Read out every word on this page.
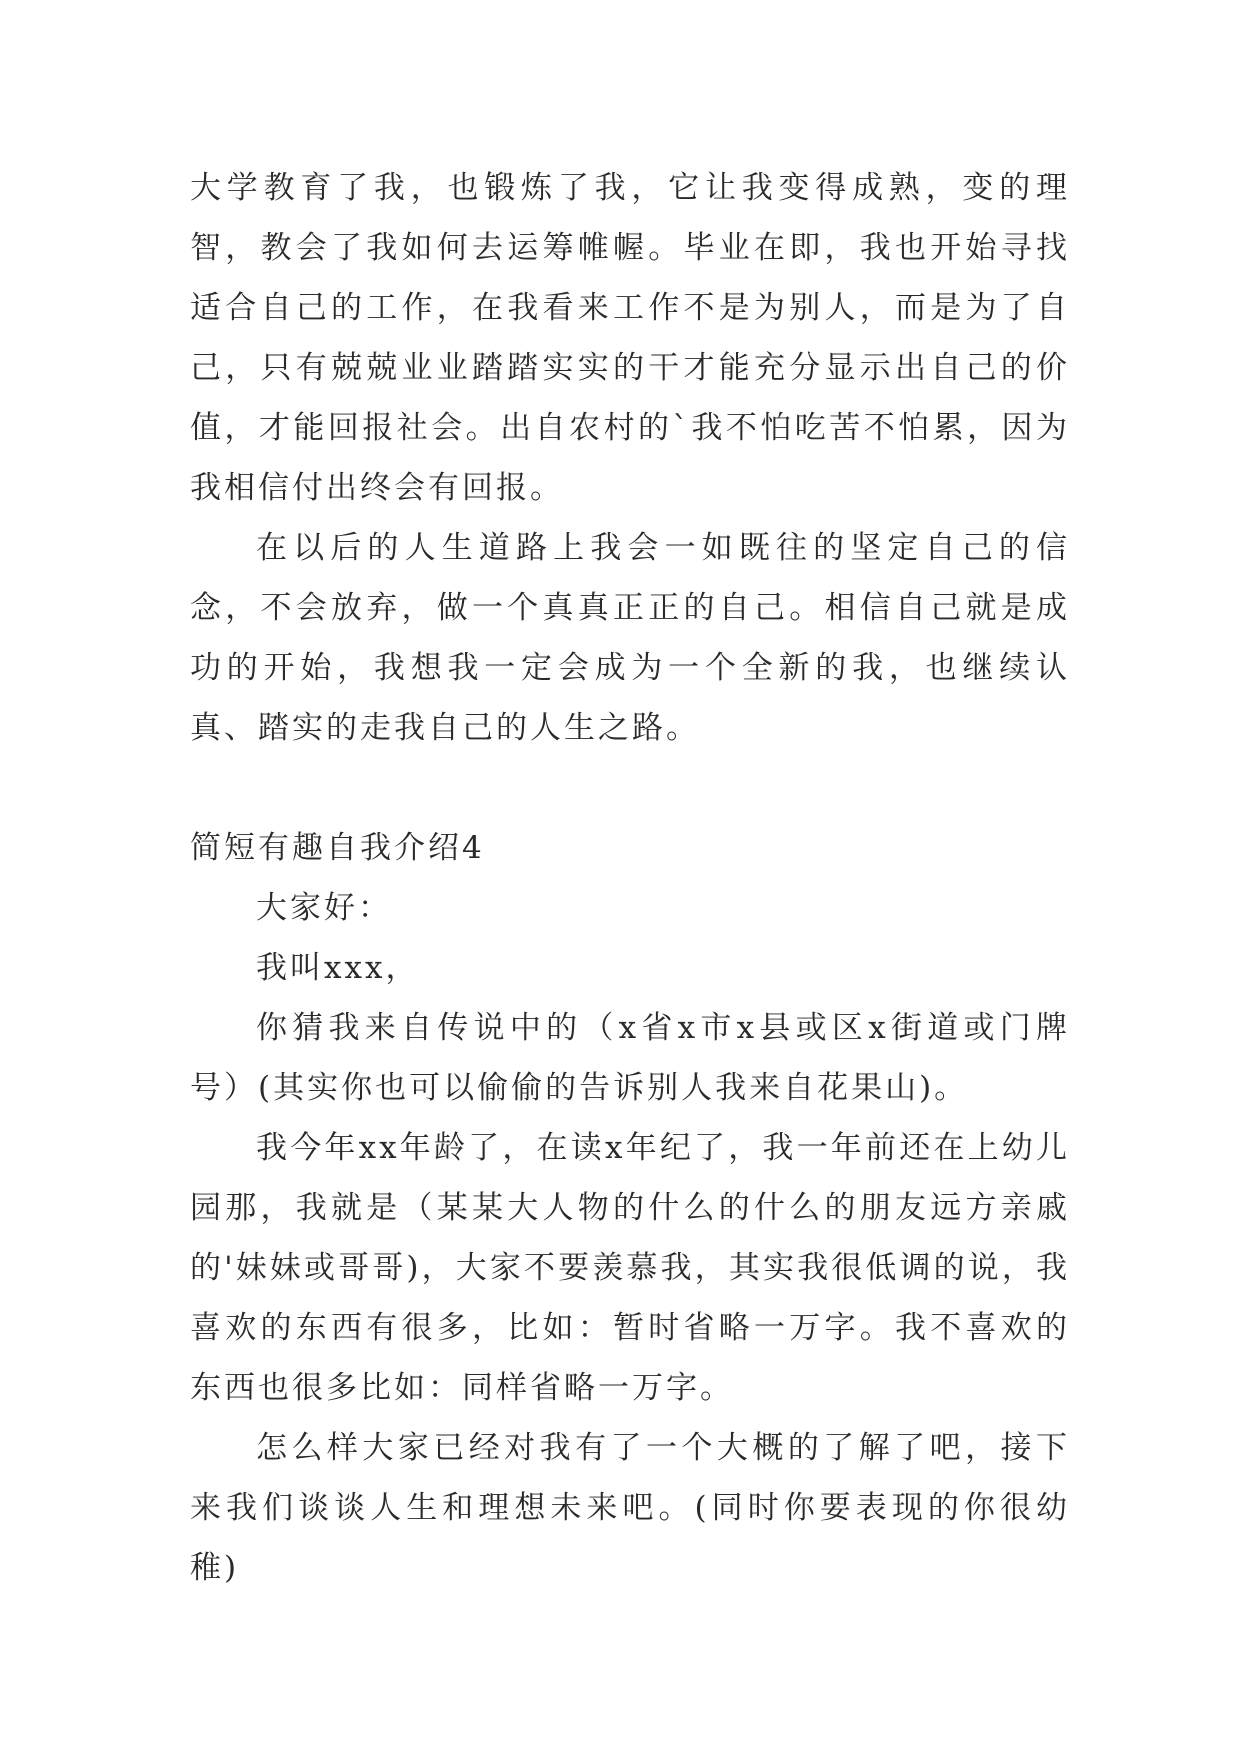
大学教育了我，也锻炼了我，它让我变得成熟，变的理智，教会了我如何去运筹帷幄。毕业在即，我也开始寻找适合自己的工作，在我看来工作不是为别人，而是为了自己，只有兢兢业业踏踏实实的干才能充分显示出自己的价值，才能回报社会。出自农村的`我不怕吃苦不怕累，因为我相信付出终会有回报。

在以后的人生道路上我会一如既往的坚定自己的信念，不会放弃，做一个真真正正的自己。相信自己就是成功的开始，我想我一定会成为一个全新的我，也继续认真、踏实的走我自己的人生之路。

简短有趣自我介绍4

大家好：

我叫xxx，

你猜我来自传说中的（x省x市x县或区x街道或门牌号）(其实你也可以偷偷的告诉别人我来自花果山)。

我今年xx年龄了，在读x年纪了，我一年前还在上幼儿园那，我就是（某某大人物的什么的什么的朋友远方亲戚的'妹妹或哥哥)，大家不要羡慕我，其实我很低调的说，我喜欢的东西有很多，比如：暂时省略一万字。我不喜欢的东西也很多比如：同样省略一万字。

怎么样大家已经对我有了一个大概的了解了吧，接下来我们谈谈人生和理想未来吧。(同时你要表现的你很幼稚)
